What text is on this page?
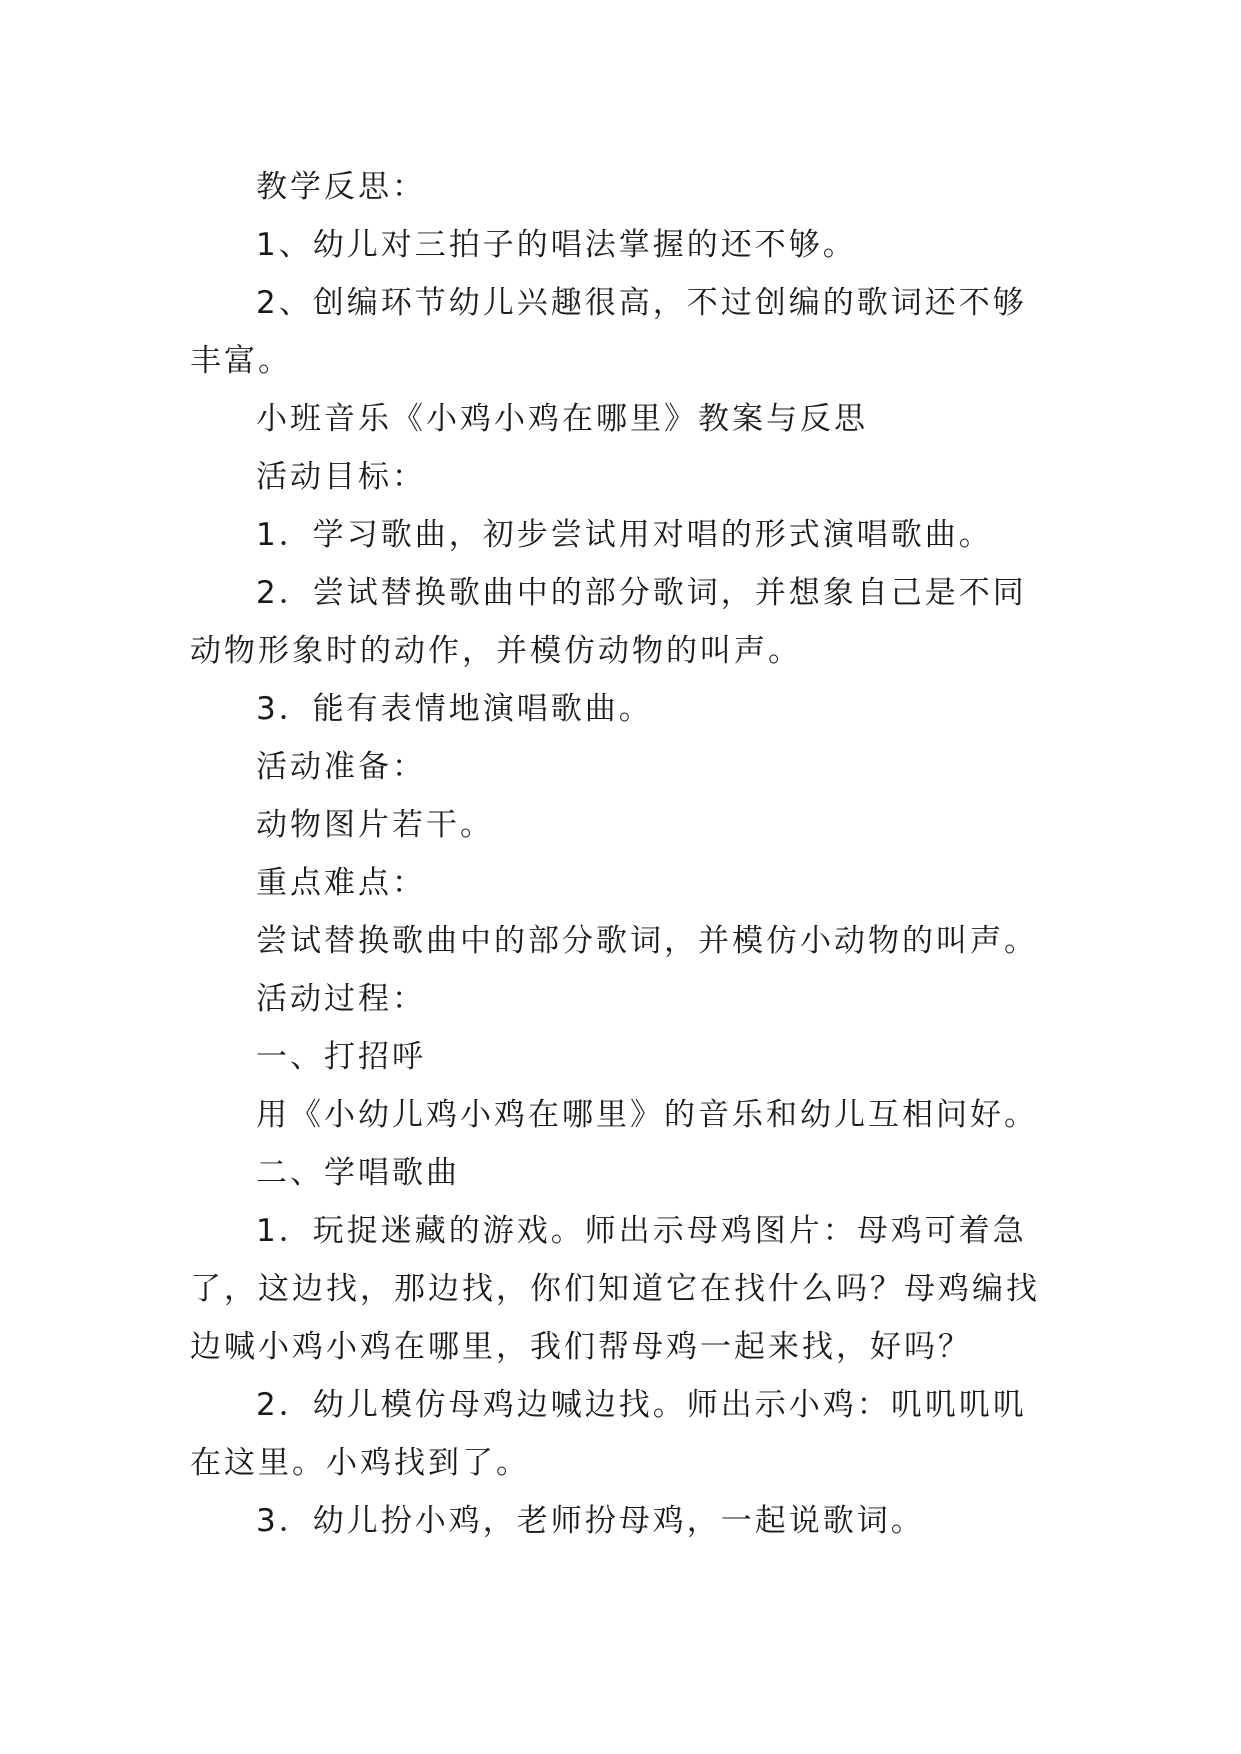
教学反思：

1、幼儿对三拍子的唱法掌握的还不够。

2、创编环节幼儿兴趣很高，不过创编的歌词还不够丰富。

小班音乐《小鸡小鸡在哪里》教案与反思

活动目标：

1．学习歌曲，初步尝试用对唱的形式演唱歌曲。

2．尝试替换歌曲中的部分歌词，并想象自己是不同动物形象时的动作，并模仿动物的叫声。

3．能有表情地演唱歌曲。

活动准备：

动物图片若干。

重点难点：

尝试替换歌曲中的部分歌词，并模仿小动物的叫声。

活动过程：

一、打招呼

用《小幼儿鸡小鸡在哪里》的音乐和幼儿互相问好。

二、学唱歌曲

1．玩捉迷藏的游戏。师出示母鸡图片：母鸡可着急了，这边找，那边找，你们知道它在找什么吗？母鸡编找边喊小鸡小鸡在哪里，我们帮母鸡一起来找，好吗？

2．幼儿模仿母鸡边喊边找。师出示小鸡：叽叽叽叽在这里。小鸡找到了。

3．幼儿扮小鸡，老师扮母鸡，一起说歌词。
